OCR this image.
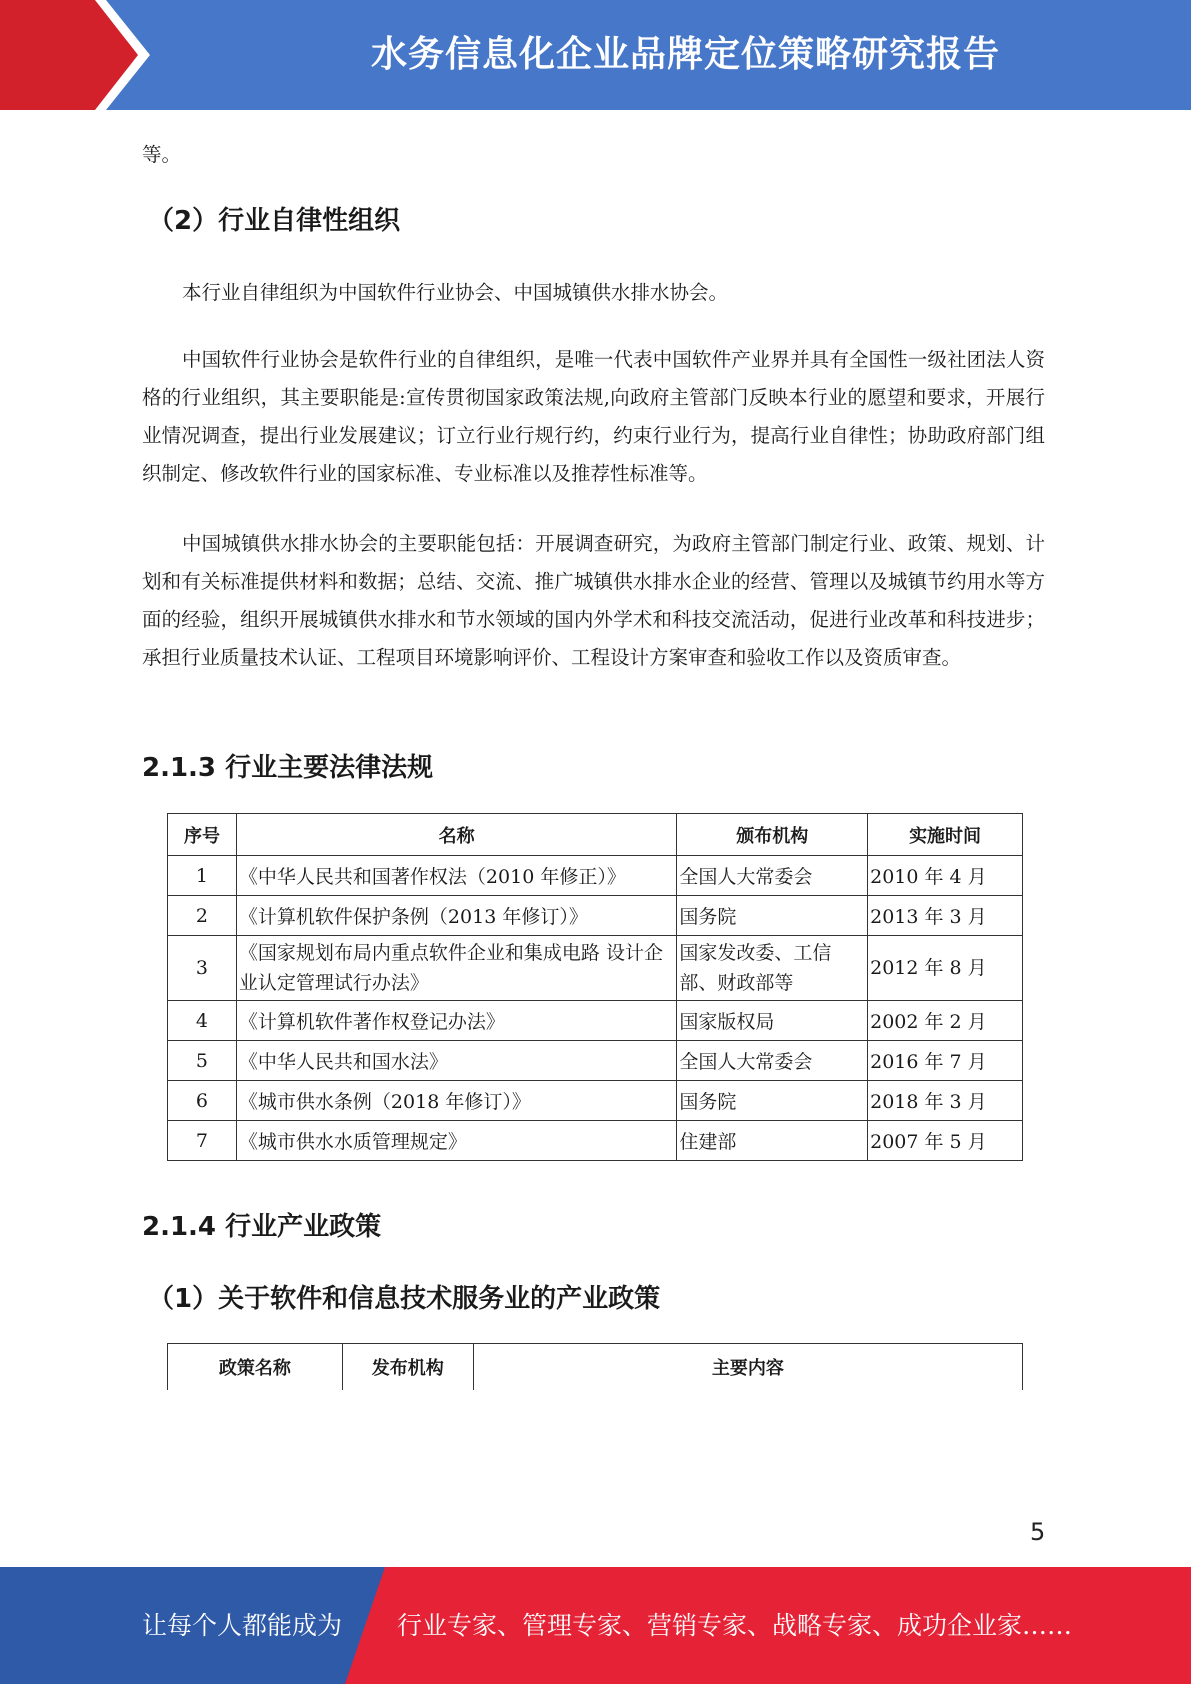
水务信息化企业品牌定位策略研究报告

等。

（2）行业自律性组织

本行业自律组织为中国软件行业协会、中国城镇供水排水协会。

中国软件行业协会是软件行业的自律组织，是唯一代表中国软件产业界并具有全国性一级社团法人资格的行业组织，其主要职能是:宣传贯彻国家政策法规,向政府主管部门反映本行业的愿望和要求，开展行业情况调查，提出行业发展建议；订立行业行规行约，约束行业行为，提高行业自律性；协助政府部门组织制定、修改软件行业的国家标准、专业标准以及推荐性标准等。

中国城镇供水排水协会的主要职能包括：开展调查研究，为政府主管部门制定行业、政策、规划、计划和有关标准提供材料和数据；总结、交流、推广城镇供水排水企业的经营、管理以及城镇节约用水等方面的经验，组织开展城镇供水排水和节水领域的国内外学术和科技交流活动，促进行业改革和科技进步；承担行业质量技术认证、工程项目环境影响评价、工程设计方案审查和验收工作以及资质审查。

2.1.3 行业主要法律法规
序号	名称	颁布机构	实施时间
1	《中华人民共和国著作权法（2010 年修正）》	全国人大常委会	2010 年 4 月
2	《计算机软件保护条例（2013 年修订）》	国务院	2013 年 3 月
3	《国家规划布局内重点软件企业和集成电路 设计企业认定管理试行办法》	国家发改委、工信部、财政部等	2012 年 8 月
4	《计算机软件著作权登记办法》	国家版权局	2002 年 2 月
5	《中华人民共和国水法》	全国人大常委会	2016 年 7 月
6	《城市供水条例（2018 年修订）》	国务院	2018 年 3 月
7	《城市供水水质管理规定》	住建部	2007 年 5 月
2.1.4 行业产业政策
（1）关于软件和信息技术服务业的产业政策
政策名称	发布机构	主要内容
5
让每个人都能成为 行业专家、管理专家、营销专家、战略专家、成功企业家……
